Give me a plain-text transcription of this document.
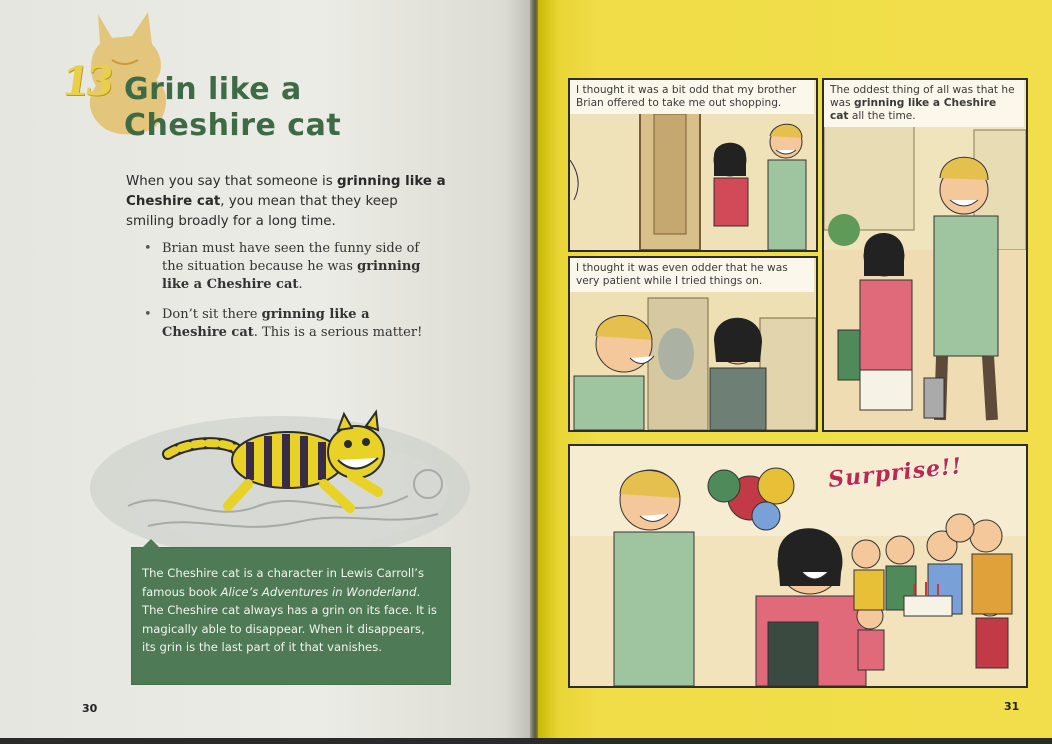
13 Grin like a
Cheshire cat

When you say that someone is grinning like a Cheshire cat, you mean that they keep smiling broadly for a long time.

• Brian must have seen the funny side of the situation because he was grinning like a Cheshire cat.
• Don’t sit there grinning like a Cheshire cat. This is a serious matter!
The Cheshire cat is a character in Lewis Carroll’s famous book Alice’s Adventures in Wonderland. The Cheshire cat always has a grin on its face. It is magically able to disappear. When it disappears, its grin is the last part of it that vanishes.
30
I thought it was a bit odd that my brother Brian offered to take me out shopping.
The oddest thing of all was that he was grinning like a Cheshire cat all the time.
I thought it was even odder that he was very patient while I tried things on.
Surprise!!
31
